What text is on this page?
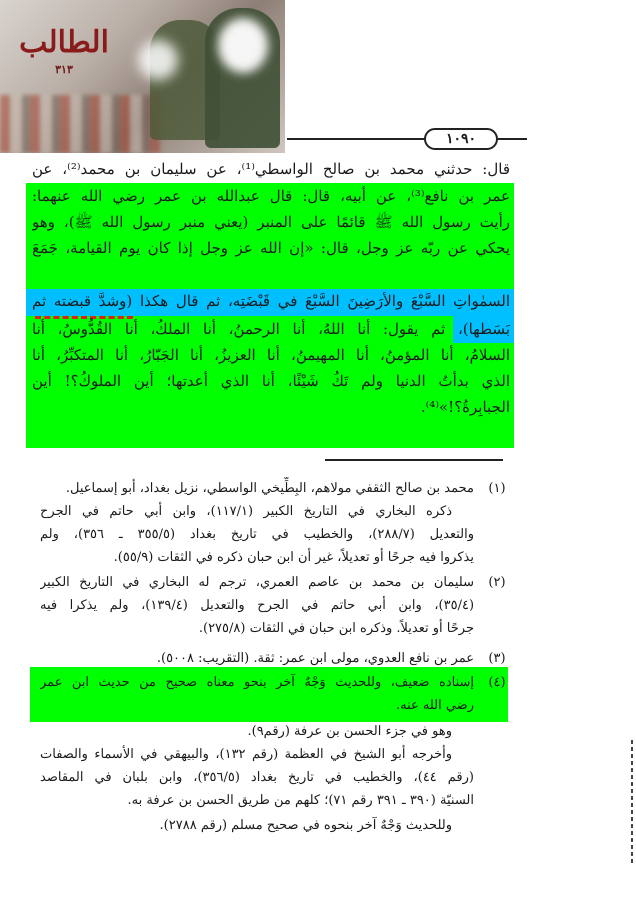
الطالب
٣١٣
١٠٩٠
قال: حدثني محمد بن صالح الواسطي⁽¹⁾، عن سليمان بن محمد⁽²⁾، عن
عمر بن نافع⁽³⁾، عن أبيه، قال: قال عبدالله بن عمر رضي الله عنهما:
رأيت رسول الله ﷺ قائمًا على المنبر (يعني منبر رسول الله ﷺ)، وهو
يحكي عن ربّه عز وجل، قال: «إن الله عز وجل إذا كان يوم القيامة، جَمَعَ
السمٰواتِ السَّبْعَ والأرَضِينَ السَّبْعَ في قَبْضَتِه، ثم قال هكذا (وشدَّ قبضته ثم
بَسَطها)، ثم يقول: أنا اللهُ، أنا الرحمنُ، أنا الملكُ، أنا القُدُّوسُ، أنا
السلامُ، أنا المؤمنُ، أنا المهيمنُ، أنا العزيزُ، أنا الجَبّارُ، أنا المتكبِّرُ، أنا
الذي بدأتُ الدنيا ولم تَكُ شَيْئًا، أنا الذي أعدتها؛ أين الملوكُ؟! أين
الجبابِرةُ؟!»⁽⁴⁾.
(١)
محمد بن صالح الثقفي مولاهم، البِطِّيخي الواسطي، نزيل بغداد، أبو إسماعيل.
ذكره البخاري في التاريخ الكبير (١١٧/١)، وابن أبي حاتم في الجرح
والتعديل (٢٨٨/٧)، والخطيب في تاريخ بغداد (٣٥٥/٥ ـ ٣٥٦)، ولم
يذكروا فيه جرحًا أو تعديلاً، غير أن ابن حبان ذكره في الثقات (٥٥/٩).
(٢)
سليمان بن محمد بن عاصم العمري، ترجم له البخاري في التاريخ الكبير
(٣٥/٤)، وابن أبي حاتم في الجرح والتعديل (١٣٩/٤)، ولم يذكرا فيه
جرحًا أو تعديلاً. وذكره ابن حبان في الثقات (٢٧٥/٨).
(٣)
عمر بن نافع العدوي، مولى ابن عمر: ثقة. (التقريب: ٥٠٠٨).
(٤)
إسناده ضعيف، وللحديث وَجْهٌ آخر بنحو معناه صحيح من حديث ابن عمر
رضي الله عنه.
وهو في جزء الحسن بن عرفة (رقم٩).
وأخرجه أبو الشيخ في العظمة (رقم ١٣٢)، والبيهقي في الأسماء والصفات
(رقم ٤٤)، والخطيب في تاريخ بغداد (٣٥٦/٥)، وابن بلبان في المقاصد
السنيّة (٣٩٠ ـ ٣٩١ رقم ٧١)؛ كلهم من طريق الحسن بن عرفة به.
وللحديث وَجْهٌ آخر بنحوه في صحيح مسلم (رقم ٢٧٨٨).
